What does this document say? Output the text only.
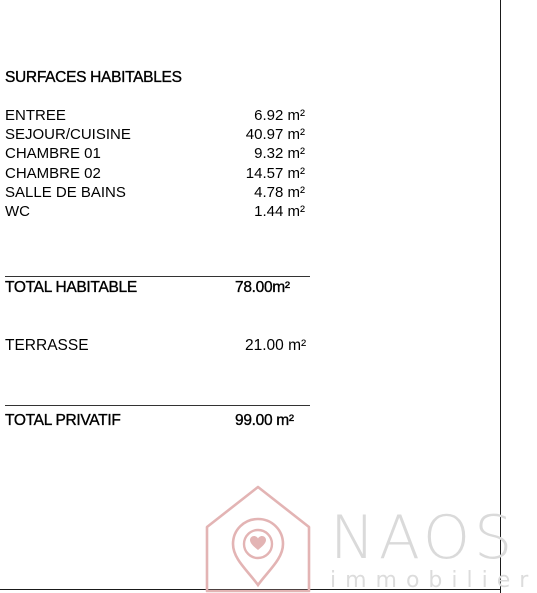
SURFACES HABITABLES
ENTREE	6.92 m²
SEJOUR/CUISINE	40.97 m²
CHAMBRE 01	9.32 m²
CHAMBRE 02	14.57 m²
SALLE DE BAINS	4.78 m²
WC	1.44 m²
TOTAL HABITABLE	78.00m²
TERRASSE	21.00 m²
TOTAL PRIVATIF	99.00 m²
NAOS
immobilier
